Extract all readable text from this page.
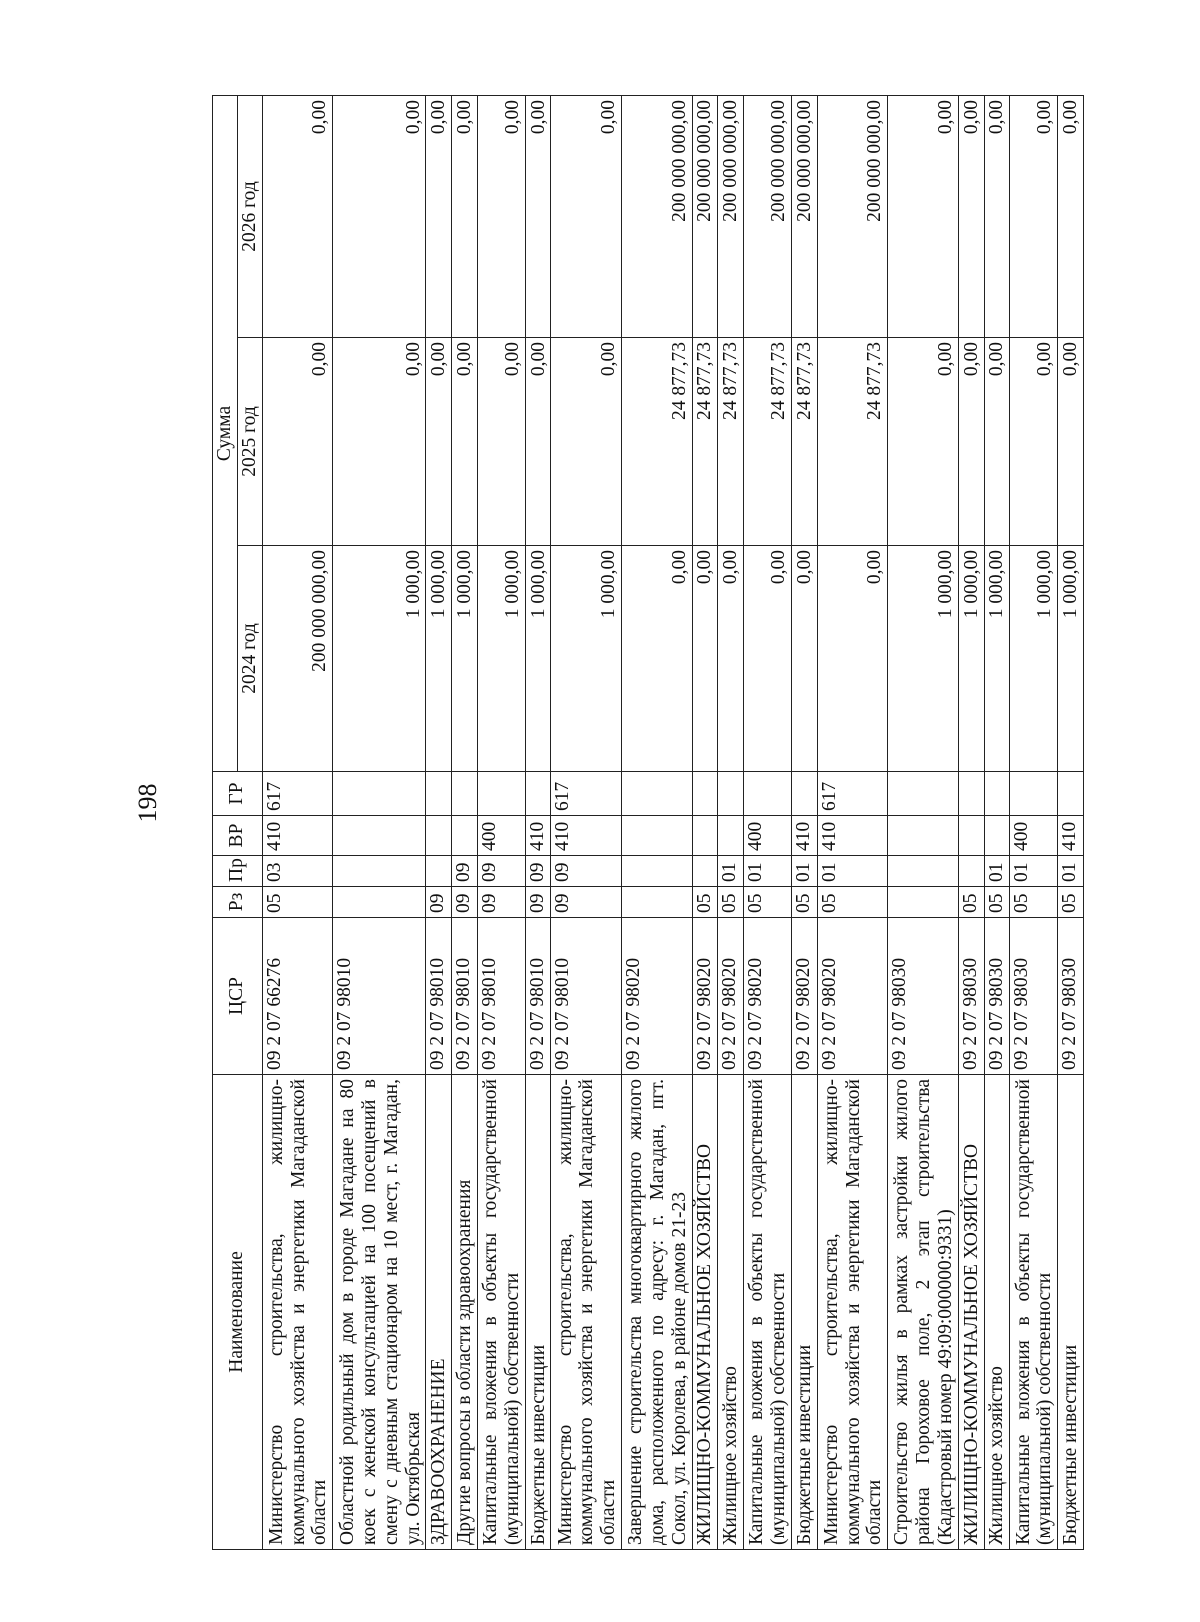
198
Наименование	ЦСР	Рз	Пр	ВР	ГР	Сумма		
						2024 год	2025 год	2026 год
Министерство строительства, жилищно-коммунального хозяйства и энергетики Магаданской области	09 2 07 66276	05	03	410	617	200 000 000,00	0,00	0,00
Областной родильный дом в городе Магадане на 80 коек с женской консультацией на 100 посещений в смену с дневным стационаром на 10 мест, г. Магадан, ул. Октябрьская	09 2 07 98010					1 000,00	0,00	0,00
ЗДРАВООХРАНЕНИЕ	09 2 07 98010	09				1 000,00	0,00	0,00
Другие вопросы в области здравоохранения	09 2 07 98010	09	09			1 000,00	0,00	0,00
Капитальные вложения в объекты государственной (муниципальной) собственности	09 2 07 98010	09	09	400		1 000,00	0,00	0,00
Бюджетные инвестиции	09 2 07 98010	09	09	410		1 000,00	0,00	0,00
Министерство строительства, жилищно-коммунального хозяйства и энергетики Магаданской области	09 2 07 98010	09	09	410	617	1 000,00	0,00	0,00
Завершение строительства многоквартирного жилого дома, расположенного по адресу: г. Магадан, пгт. Сокол, ул. Королева, в районе домов 21-23	09 2 07 98020					0,00	24 877,73	200 000 000,00
ЖИЛИЩНО-КОММУНАЛЬНОЕ ХОЗЯЙСТВО	09 2 07 98020	05				0,00	24 877,73	200 000 000,00
Жилищное хозяйство	09 2 07 98020	05	01			0,00	24 877,73	200 000 000,00
Капитальные вложения в объекты государственной (муниципальной) собственности	09 2 07 98020	05	01	400		0,00	24 877,73	200 000 000,00
Бюджетные инвестиции	09 2 07 98020	05	01	410		0,00	24 877,73	200 000 000,00
Министерство строительства, жилищно-коммунального хозяйства и энергетики Магаданской области	09 2 07 98020	05	01	410	617	0,00	24 877,73	200 000 000,00
Строительство жилья в рамках застройки жилого района Гороховое поле, 2 этап строительства (Кадастровый номер 49:09:000000:9331)	09 2 07 98030					1 000,00	0,00	0,00
ЖИЛИЩНО-КОММУНАЛЬНОЕ ХОЗЯЙСТВО	09 2 07 98030	05				1 000,00	0,00	0,00
Жилищное хозяйство	09 2 07 98030	05	01			1 000,00	0,00	0,00
Капитальные вложения в объекты государственной (муниципальной) собственности	09 2 07 98030	05	01	400		1 000,00	0,00	0,00
Бюджетные инвестиции	09 2 07 98030	05	01	410		1 000,00	0,00	0,00
